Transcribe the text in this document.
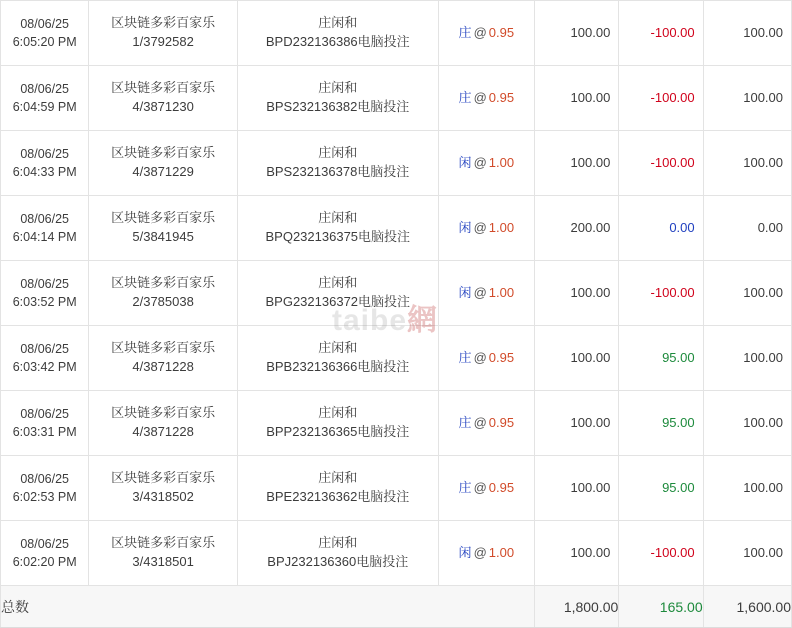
08/06/25
6:05:20 PM

区块链多彩百家乐
1/3792582

庄闲和
BPD232136386电脑投注

庄 @ 0.95	100.00	-100.00	100.00

08/06/25
6:04:59 PM

区块链多彩百家乐
4/3871230

庄闲和
BPS232136382电脑投注

庄 @ 0.95	100.00	-100.00	100.00

08/06/25
6:04:33 PM

区块链多彩百家乐
4/3871229

庄闲和
BPS232136378电脑投注

闲 @ 1.00	100.00	-100.00	100.00

08/06/25
6:04:14 PM

区块链多彩百家乐
5/3841945

庄闲和
BPQ232136375电脑投注

闲 @ 1.00	200.00	0.00	0.00

08/06/25
6:03:52 PM

区块链多彩百家乐
2/3785038

庄闲和
BPG232136372电脑投注

闲 @ 1.00	100.00	-100.00	100.00

08/06/25
6:03:42 PM

区块链多彩百家乐
4/3871228

庄闲和
BPB232136366电脑投注

庄 @ 0.95	100.00	95.00	100.00

08/06/25
6:03:31 PM

区块链多彩百家乐
4/3871228

庄闲和
BPP232136365电脑投注

庄 @ 0.95	100.00	95.00	100.00

08/06/25
6:02:53 PM

区块链多彩百家乐
3/4318502

庄闲和
BPE232136362电脑投注

庄 @ 0.95	100.00	95.00	100.00

08/06/25
6:02:20 PM

区块链多彩百家乐
3/4318501

庄闲和
BPJ232136360电脑投注

闲 @ 1.00	100.00	-100.00	100.00

总数				1,800.00	165.00	1,600.00
taibe網
